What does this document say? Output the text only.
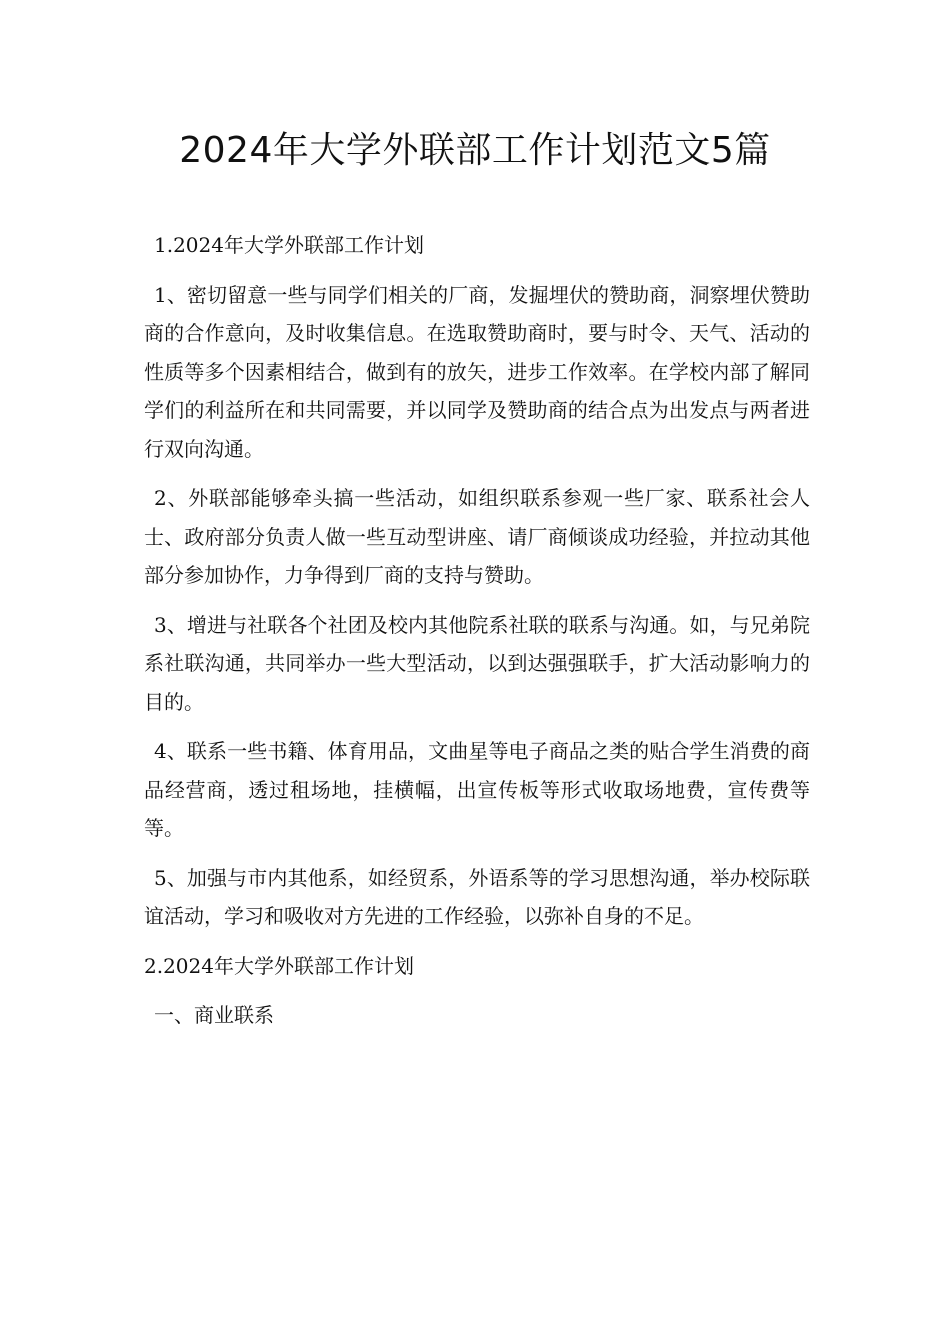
2024年大学外联部工作计划范文5篇

1.2024年大学外联部工作计划

1、密切留意一些与同学们相关的厂商，发掘埋伏的赞助商，洞察埋伏赞助商的合作意向，及时收集信息。在选取赞助商时，要与时令、天气、活动的性质等多个因素相结合，做到有的放矢，进步工作效率。在学校内部了解同学们的利益所在和共同需要，并以同学及赞助商的结合点为出发点与两者进行双向沟通。

2、外联部能够牵头搞一些活动，如组织联系参观一些厂家、联系社会人士、政府部分负责人做一些互动型讲座、请厂商倾谈成功经验，并拉动其他部分参加协作，力争得到厂商的支持与赞助。

3、增进与社联各个社团及校内其他院系社联的联系与沟通。如，与兄弟院系社联沟通，共同举办一些大型活动，以到达强强联手，扩大活动影响力的目的。

4、联系一些书籍、体育用品，文曲星等电子商品之类的贴合学生消费的商品经营商，透过租场地，挂横幅，出宣传板等形式收取场地费，宣传费等等。

5、加强与市内其他系，如经贸系，外语系等的学习思想沟通，举办校际联谊活动，学习和吸收对方先进的工作经验，以弥补自身的不足。

2.2024年大学外联部工作计划

一、商业联系
